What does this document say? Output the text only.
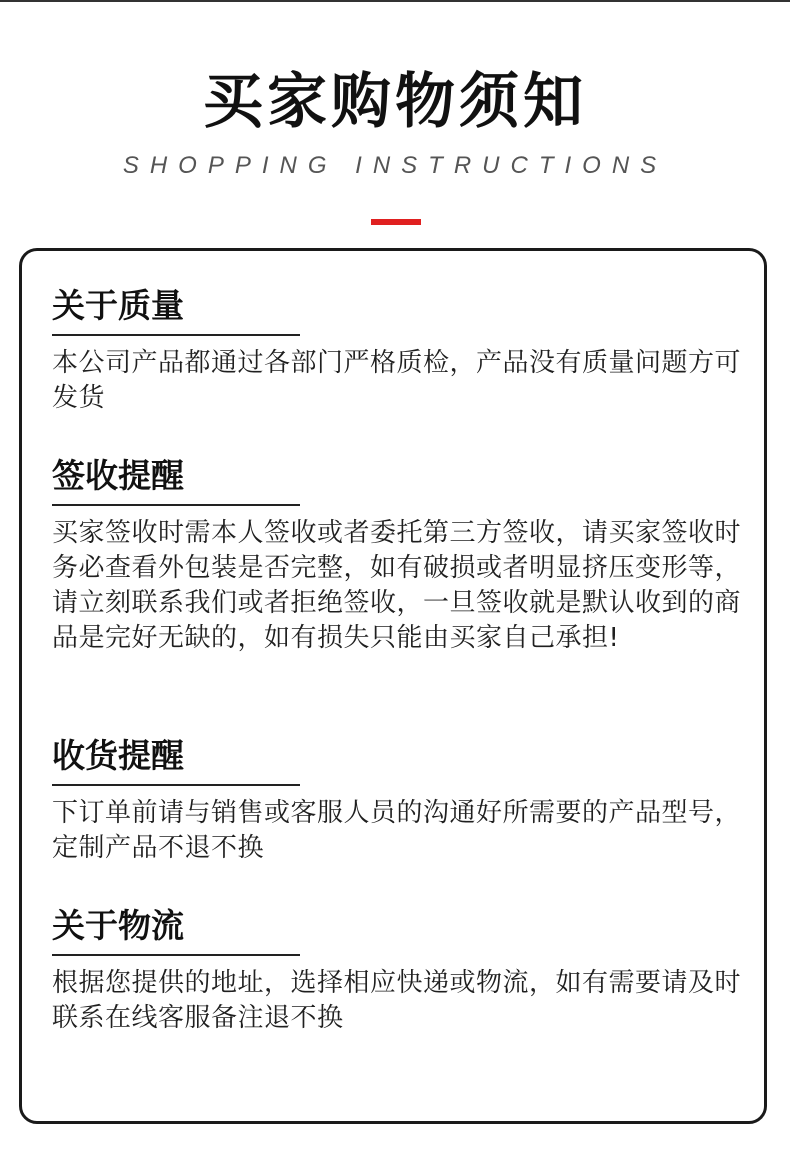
买家购物须知
SHOPPING INSTRUCTIONS
关于质量
本公司产品都通过各部门严格质检，产品没有质量问题方可发货
签收提醒
买家签收时需本人签收或者委托第三方签收，请买家签收时务必查看外包装是否完整，如有破损或者明显挤压变形等，请立刻联系我们或者拒绝签收，一旦签收就是默认收到的商品是完好无缺的，如有损失只能由买家自己承担!
收货提醒
下订单前请与销售或客服人员的沟通好所需要的产品型号，定制产品不退不换
关于物流
根据您提供的地址，选择相应快递或物流，如有需要请及时联系在线客服备注退不换
